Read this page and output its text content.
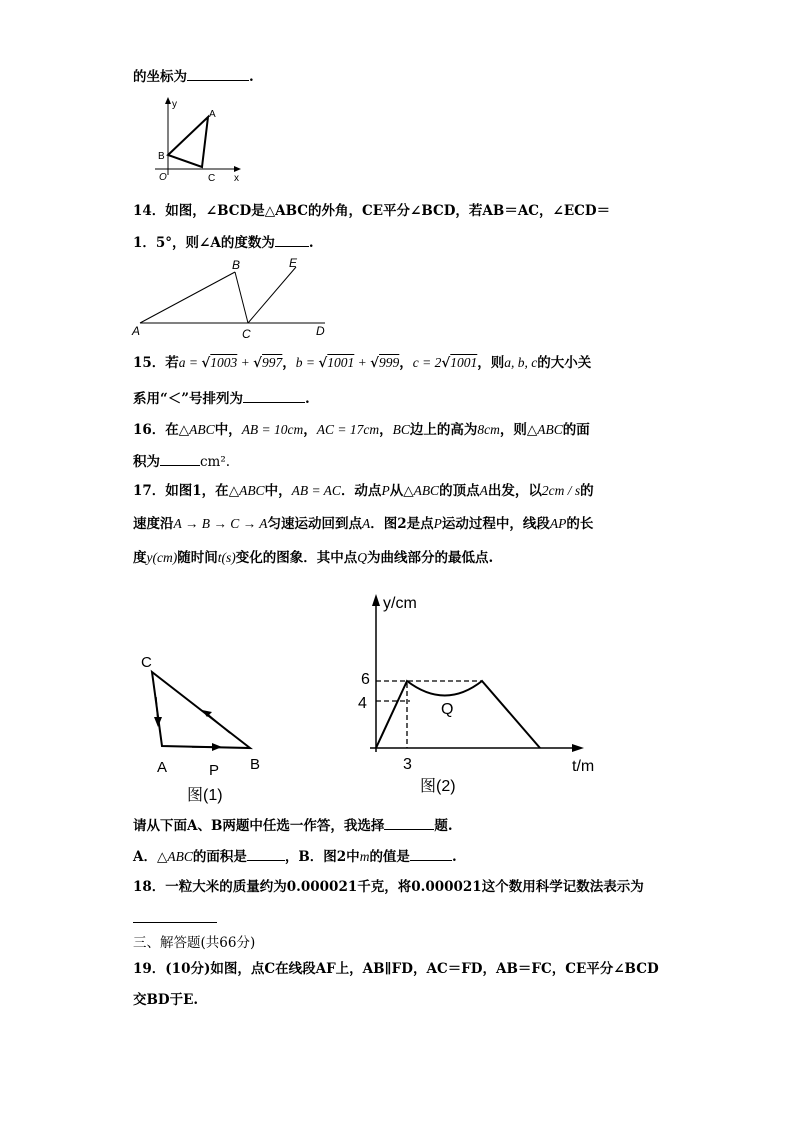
的坐标为	.
y
x
O
A
B
C
14．如图，∠BCD是△ABC的外角，CE平分∠BCD，若AB＝AC，∠ECD＝
1．5°，则∠A的度数为	.
A
B
C	D
E
15．若a = √1003 + √997，b = √1001 + √999，c = 2√1001，则a, b, c的大小关
系用“＜”号排列为	.
16．在△ABC中，AB = 10cm，AC = 17cm，BC边上的高为8cm，则△ABC的面
积为	cm².
17．如图1，在△ABC中，AB = AC．动点P从△ABC的顶点A出发，以2cm / s的
速度沿A → B → C → A匀速运动回到点A．图2是点P运动过程中，线段AP的长
度y(cm)随时间t(s)变化的图象．其中点Q为曲线部分的最低点.
C
A	P B
图(1)
y/cm
6
4	Q
3	t/m
图(2)
请从下面A、B两题中任选一作答，我选择	题.
A．△ABC的面积是	，B．图2中m的值是	.
18．一粒大米的质量约为0.000021千克，将0.000021这个数用科学记数法表示为
三、解答题(共66分)
19．(10分)如图，点C在线段AF上，AB∥FD，AC＝FD，AB＝FC，CE平分∠BCD
交BD于E.
